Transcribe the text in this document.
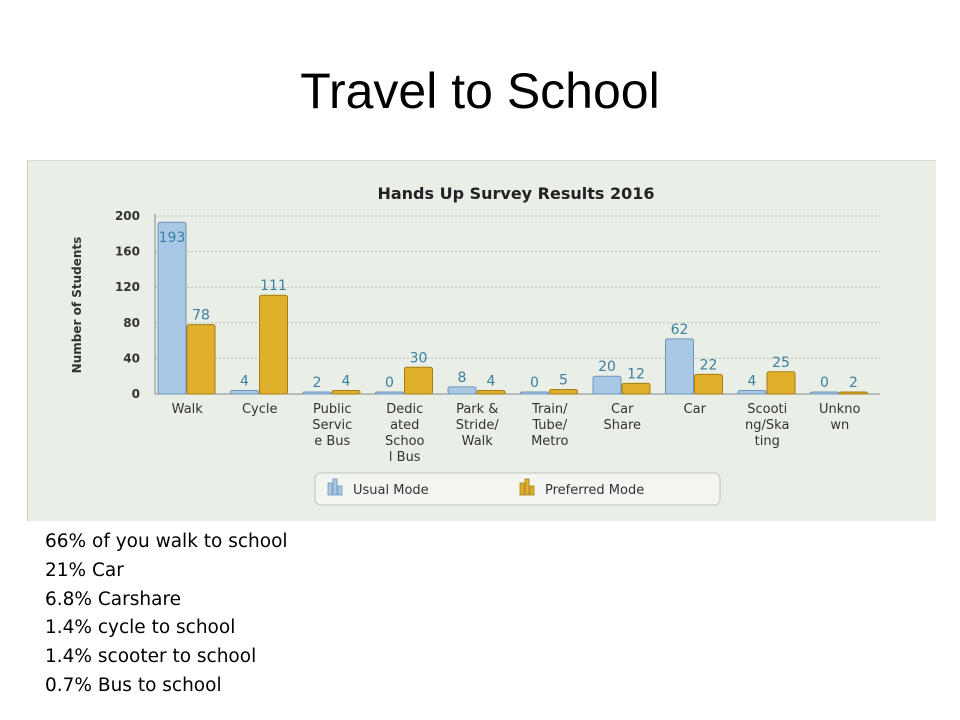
Travel to School
Hands Up Survey Results 2016
Number of Students
200
160
120
80
40
0
193
78
Walk
4
111
Cycle
2 4
Public
Servic
e Bus
0
30
Dedic
ated
Schoo
l Bus
8 4
Park &
Stride/
Walk
0 5
Train/
Tube/
Metro
20 12
Car
Share
62
22
Car
4
25
Scooti
ng/Ska
ting
0 2
Unkno
wn
Usual Mode	Preferred Mode
66% of you walk to school
21% Car
6.8% Carshare
1.4% cycle to school
1.4% scooter to school
0.7% Bus to school
